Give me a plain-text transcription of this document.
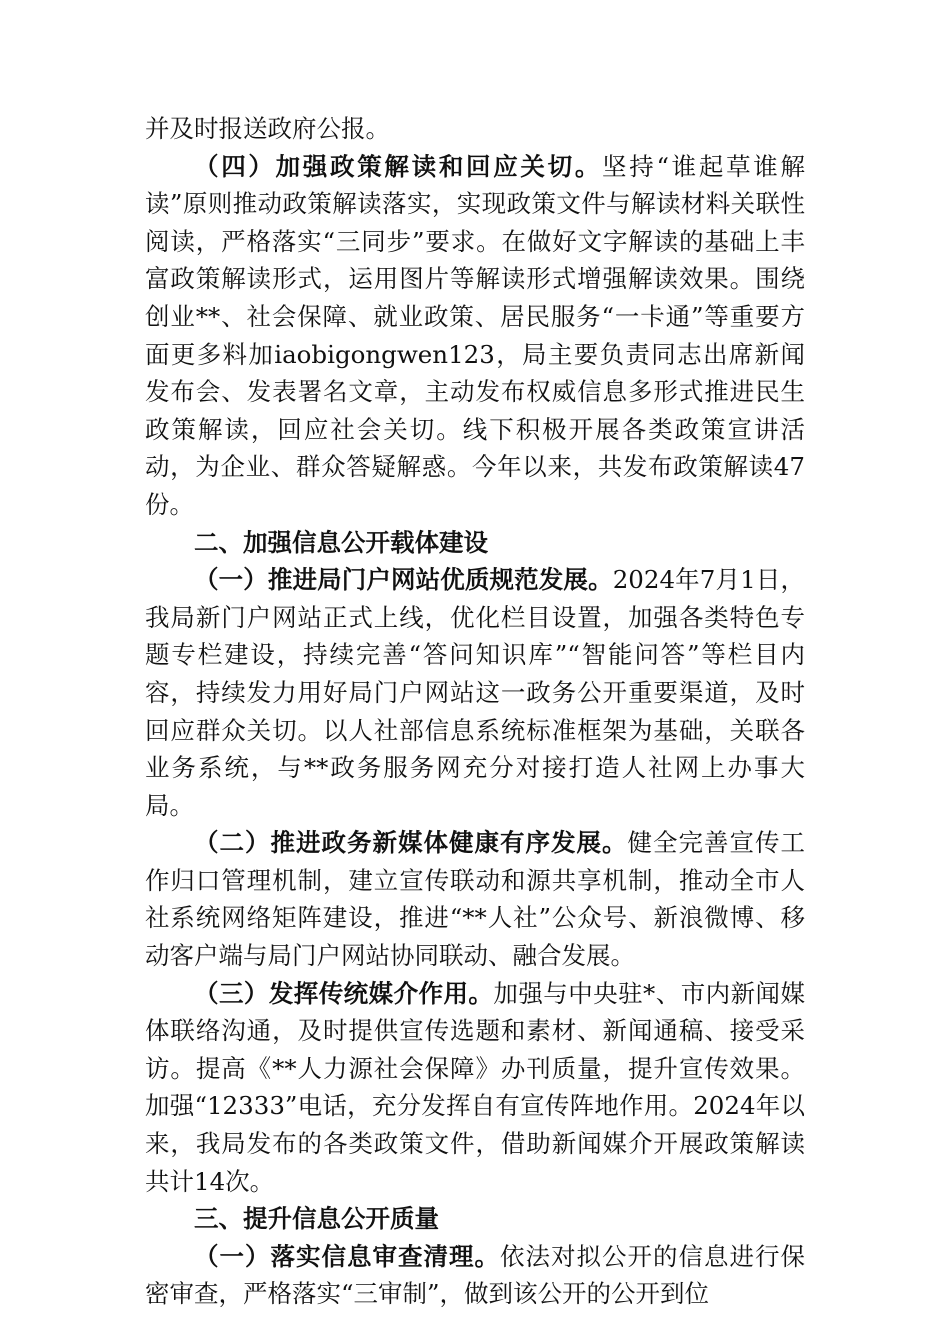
并及时报送政府公报。

（四）加强政策解读和回应关切。坚持“谁起草谁解读”原则推动政策解读落实，实现政策文件与解读材料关联性阅读，严格落实“三同步”要求。在做好文字解读的基础上丰富政策解读形式，运用图片等解读形式增强解读效果。围绕创业**、社会保障、就业政策、居民服务“一卡通”等重要方面更多料加iaobigongwen123，局主要负责同志出席新闻发布会、发表署名文章，主动发布权威信息多形式推进民生政策解读，回应社会关切。线下积极开展各类政策宣讲活动，为企业、群众答疑解惑。今年以来，共发布政策解读47份。

二、加强信息公开载体建设

（一）推进局门户网站优质规范发展。2024年7月1日，我局新门户网站正式上线，优化栏目设置，加强各类特色专题专栏建设，持续完善“答问知识库”“智能问答”等栏目内容，持续发力用好局门户网站这一政务公开重要渠道，及时回应群众关切。以人社部信息系统标准框架为基础，关联各业务系统，与**政务服务网充分对接打造人社网上办事大局。

（二）推进政务新媒体健康有序发展。健全完善宣传工作归口管理机制，建立宣传联动和源共享机制，推动全市人社系统网络矩阵建设，推进“**人社”公众号、新浪微博、移动客户端与局门户网站协同联动、融合发展。

（三）发挥传统媒介作用。加强与中央驻*、市内新闻媒体联络沟通，及时提供宣传选题和素材、新闻通稿、接受采访。提高《**人力源社会保障》办刊质量，提升宣传效果。加强“12333”电话，充分发挥自有宣传阵地作用。2024年以来，我局发布的各类政策文件，借助新闻媒介开展政策解读共计14次。

三、提升信息公开质量

（一）落实信息审查清理。依法对拟公开的信息进行保密审查，严格落实“三审制”，做到该公开的公开到位
